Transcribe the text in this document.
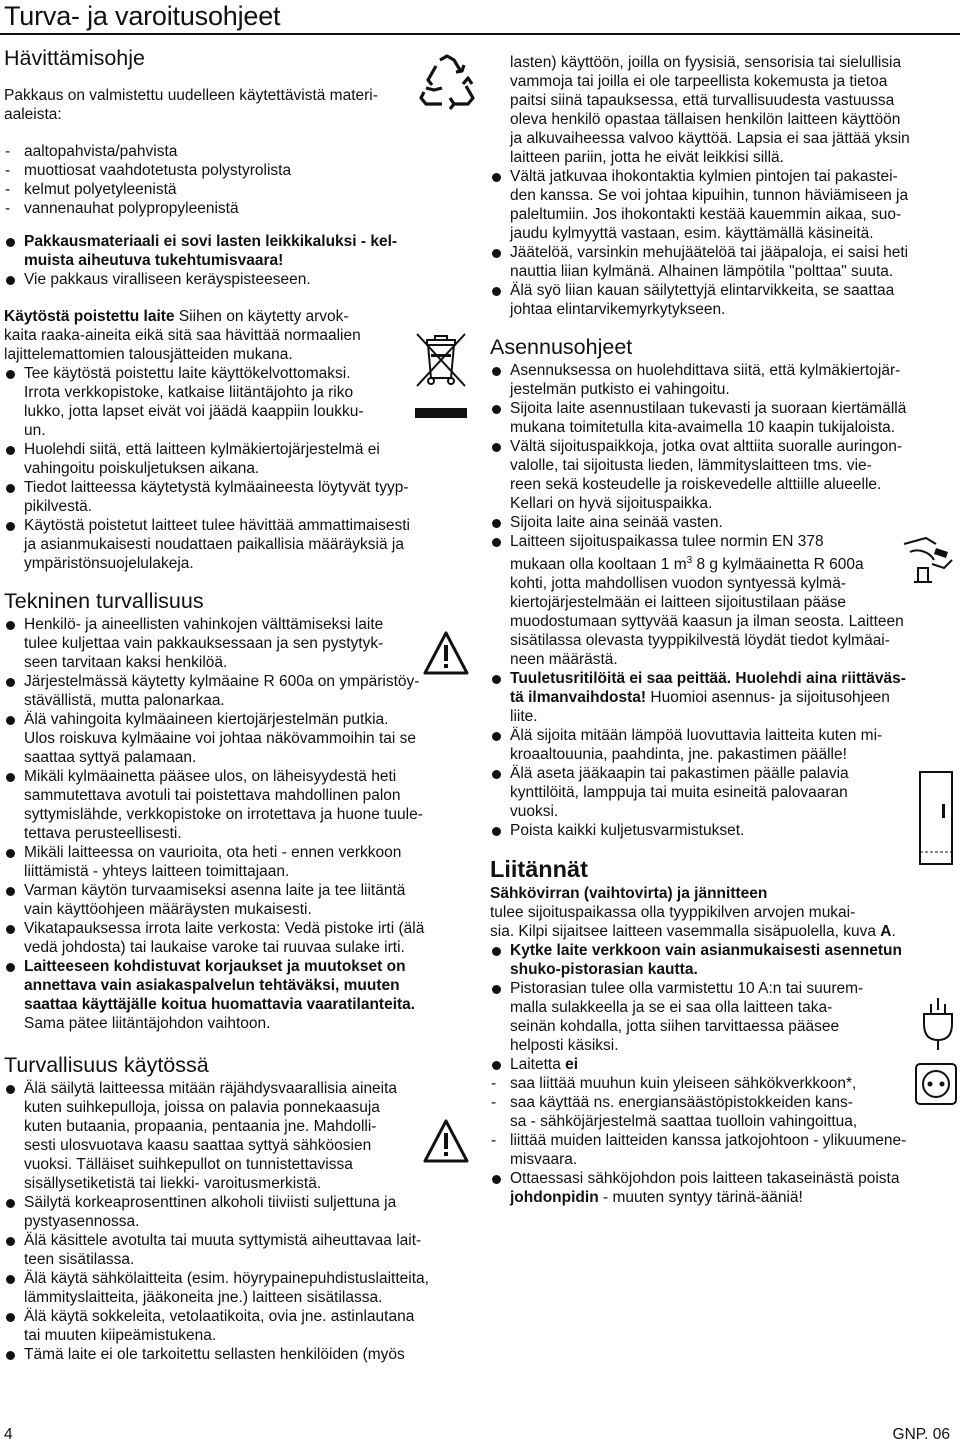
Turva- ja varoitusohjeet
Hävittämisohje

Pakkaus on valmistettu uudelleen käytettävistä materi-
aaleista:

- aaltopahvista/pahvista

- muottiosat vaahdotetusta polystyrolista

- kelmut polyetyleenistä

- vannenauhat polypropyleenistä

Pakkausmateriaali ei sovi lasten leikkikaluksi - kel-
muista aiheutuva tukehtumisvaara!

Vie pakkaus viralliseen keräyspisteeseen.

Käytöstä poistettu laite Siihen on käytetty arvok-
kaita raaka-aineita eikä sitä saa hävittää normaalien
lajittelemattomien talousjätteiden mukana.

Tee käytöstä poistettu laite käyttökelvottomaksi.
Irrota verkkopistoke, katkaise liitäntäjohto ja riko
lukko, jotta lapset eivät voi jäädä kaappiin loukku-
un.

Huolehdi siitä, että laitteen kylmäkiertojärjestelmä ei
vahingoitu poiskuljetuksen aikana.

Tiedot laitteessa käytetystä kylmäaineesta löytyvät tyyp-
pikilvestä.

Käytöstä poistetut laitteet tulee hävittää ammattimaisesti
ja asianmukaisesti noudattaen paikallisia määräyksiä ja
ympäristönsuojelulakeja.

Tekninen turvallisuus

Henkilö- ja aineellisten vahinkojen välttämiseksi laite
tulee kuljettaa vain pakkauksessaan ja sen pystytyk-
seen tarvitaan kaksi henkilöä.

Järjestelmässä käytetty kylmäaine R 600a on ympäristöy-
stävällistä, mutta palonarkaa.

Älä vahingoita kylmäaineen kiertojärjestelmän putkia.
Ulos roiskuva kylmäaine voi johtaa näkövammoihin tai se
saattaa syttyä palamaan.

Mikäli kylmäainetta pääsee ulos, on läheisyydestä heti
sammutettava avotuli tai poistettava mahdollinen palon
syttymislähde, verkkopistoke on irrotettava ja huone tuule-
tettava perusteellisesti.

Mikäli laitteessa on vaurioita, ota heti - ennen verkkoon
liittämistä - yhteys laitteen toimittajaan.

Varman käytön turvaamiseksi asenna laite ja tee liitäntä
vain käyttöohjeen määräysten mukaisesti.

Vikatapauksessa irrota laite verkosta: Vedä pistoke irti (älä
vedä johdosta) tai laukaise varoke tai ruuvaa sulake irti.

Laitteeseen kohdistuvat korjaukset ja muutokset on
annettava vain asiakaspalvelun tehtäväksi, muuten
saattaa käyttäjälle koitua huomattavia vaaratilanteita.

Sama pätee liitäntäjohdon vaihtoon.

Turvallisuus käytössä

Älä säilytä laitteessa mitään räjähdysvaarallisia aineita
kuten suihkepulloja, joissa on palavia ponnekaasuja
kuten butaania, propaania, pentaania jne. Mahdolli-
sesti ulosvuotava kaasu saattaa syttyä sähköosien
vuoksi. Tälläiset suihkepullot on tunnistettavissa
sisällysetiketistä tai liekki- varoitusmerkistä.

Säilytä korkeaprosenttinen alkoholi tiiviisti suljettuna ja
pystyasennossa.

Älä käsittele avotulta tai muuta syttymistä aiheuttavaa lait-
teen sisätilassa.

Älä käytä sähkölaitteita (esim. höyrypainepuhdistuslaitteita,
lämmityslaitteita, jääkoneita jne.) laitteen sisätilassa.

Älä käytä sokkeleita, vetolaatikoita, ovia jne. astinlautana
tai muuten kiipeämistukena.

Tämä laite ei ole tarkoitettu sellasten henkilöiden (myös

lasten) käyttöön, joilla on fyysisiä, sensorisia tai sielullisia
vammoja tai joilla ei ole tarpeellista kokemusta ja tietoa
paitsi siinä tapauksessa, että turvallisuudesta vastuussa
oleva henkilö opastaa tällaisen henkilön laitteen käyttöön
ja alkuvaiheessa valvoo käyttöä. Lapsia ei saa jättää yksin
laitteen pariin, jotta he eivät leikkisi sillä.

Vältä jatkuvaa ihokontaktia kylmien pintojen tai pakastei-
den kanssa. Se voi johtaa kipuihin, tunnon häviämiseen ja
paleltumiin. Jos ihokontakti kestää kauemmin aikaa, suo-
jaudu kylmyyttä vastaan, esim. käyttämällä käsineitä.

Jäätelöä, varsinkin mehujäätelöä tai jääpaloja, ei saisi heti
nauttia liian kylmänä. Alhainen lämpötila "polttaa" suuta.

Älä syö liian kauan säilytettyjä elintarvikkeita, se saattaa
johtaa elintarvikemyrkytykseen.

Asennusohjeet

Asennuksessa on huolehdittava siitä, että kylmäkiertojär-
jestelmän putkisto ei vahingoitu.

Sijoita laite asennustilaan tukevasti ja suoraan kiertämällä
mukana toimitetulla kita-avaimella 10 kaapin tukijaloista.

Vältä sijoituspaikkoja, jotka ovat alttiita suoralle auringon-
valolle, tai sijoitusta lieden, lämmityslaitteen tms. vie-
reen sekä kosteudelle ja roiskevedelle alttiille alueelle.
Kellari on hyvä sijoituspaikka.

Sijoita laite aina seinää vasten.

Laitteen sijoituspaikassa tulee normin EN 378
mukaan olla kooltaan 1 $m^3$ 8 g kylmäainetta R 600a
kohti, jotta mahdollisen vuodon syntyessä kylmä-
kiertojärjestelmään ei laitteen sijoitustilaan pääse
muodostumaan syttyvää kaasun ja ilman seosta. Laitteen
sisätilassa olevasta tyyppikilvestä löydät tiedot kylmäai-
neen määrästä.

Tuuletusritilöitä ei saa peittää. Huolehdi aina riittäväs-
tä ilmanvaihdosta! Huomioi asennus- ja sijoitusohjeen
liite.

Älä sijoita mitään lämpöä luovuttavia laitteita kuten mi-
kroaaltouunia, paahdinta, jne. pakastimen päälle!

Älä aseta jääkaapin tai pakastimen päälle palavia
kynttilöitä, lamppuja tai muita esineitä palovaaran
vuoksi.

Poista kaikki kuljetusvarmistukset.

Liitännät

Sähkövirran (vaihtovirta) ja jännitteen

tulee sijoituspaikassa olla tyyppikilven arvojen mukai-
sia. Kilpi sijaitsee laitteen vasemmalla sisäpuolella, kuva A.

Kytke laite verkkoon vain asianmukaisesti asennetun
shuko-pistorasian kautta.

Pistorasian tulee olla varmistettu 10 A:n tai suurem-
malla sulakkeella ja se ei saa olla laitteen taka-
seinän kohdalla, jotta siihen tarvittaessa pääsee
helposti käsiksi.

Laitetta ei

- saa liittää muuhun kuin yleiseen sähkökverkkoon*,

- saa käyttää ns. energiansäästöpistokkeiden kans-
sa - sähköjärjestelmä saattaa tuolloin vahingoittua,

- liittää muiden laitteiden kanssa jatkojohtoon - ylikuumene-
misvaara.

Ottaessasi sähköjohdon pois laitteen takaseinästä poista
johdonpidin - muuten syntyy tärinä-ääniä!

4	GNP. 06
